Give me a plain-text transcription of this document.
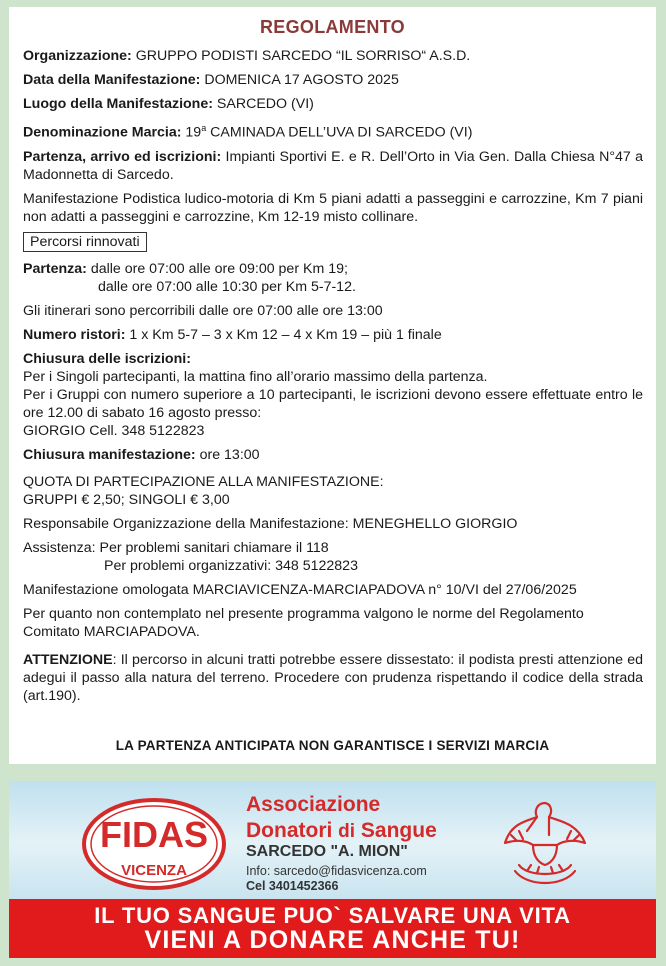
REGOLAMENTO

Organizzazione: GRUPPO PODISTI SARCEDO “IL SORRISO“ A.S.D.

Data della Manifestazione: DOMENICA 17 AGOSTO 2025

Luogo della Manifestazione: SARCEDO (VI)

Denominazione Marcia: 19$^a$ CAMINADA DELL’UVA DI SARCEDO (VI)

Partenza, arrivo ed iscrizioni: Impianti Sportivi E. e R. Dell’Orto in Via Gen. Dalla Chiesa N°47 a Madonnetta di Sarcedo.

Manifestazione Podistica ludico-motoria di Km 5 piani adatti a passeggini e carrozzine, Km 7 piani non adatti a passeggini e carrozzine, Km 12-19 misto collinare.

Percorsi rinnovati

Partenza: dalle ore 07:00 alle ore 09:00 per Km 19;
dalle ore 07:00 alle 10:30 per Km 5-7-12.

Gli itinerari sono percorribili dalle ore 07:00 alle ore 13:00

Numero ristori: 1 x Km 5-7 – 3 x Km 12 – 4 x Km 19 – più 1 finale

Chiusura delle iscrizioni:
Per i Singoli partecipanti, la mattina fino all’orario massimo della partenza.

Per i Gruppi con numero superiore a 10 partecipanti, le iscrizioni devono essere effettuate entro le ore 12.00 di sabato 16 agosto presso:
GIORGIO Cell. 348 5122823

Chiusura manifestazione: ore 13:00

QUOTA DI PARTECIPAZIONE ALLA MANIFESTAZIONE:
GRUPPI € 2,50; SINGOLI € 3,00

Responsabile Organizzazione della Manifestazione: MENEGHELLO GIORGIO

Assistenza: Per problemi sanitari chiamare il 118
Per problemi organizzativi: 348 5122823

Manifestazione omologata MARCIAVICENZA-MARCIAPADOVA n° 10/VI del 27/06/2025

Per quanto non contemplato nel presente programma valgono le norme del Regolamento Comitato MARCIAPADOVA.

ATTENZIONE: Il percorso in alcuni tratti potrebbe essere dissestato: il podista presti attenzione ed adegui il passo alla natura del terreno. Procedere con prudenza rispettando il codice della strada (art.190).

LA PARTENZA ANTICIPATA NON GARANTISCE I SERVIZI MARCIA
FIDAS
VICENZA
Associazione
Donatori di Sangue
SARCEDO "A. MION"
Info: sarcedo@fidasvicenza.com
Cel 3401452366
IL TUO SANGUE PUO` SALVARE UNA VITA
VIENI A DONARE ANCHE TU!
